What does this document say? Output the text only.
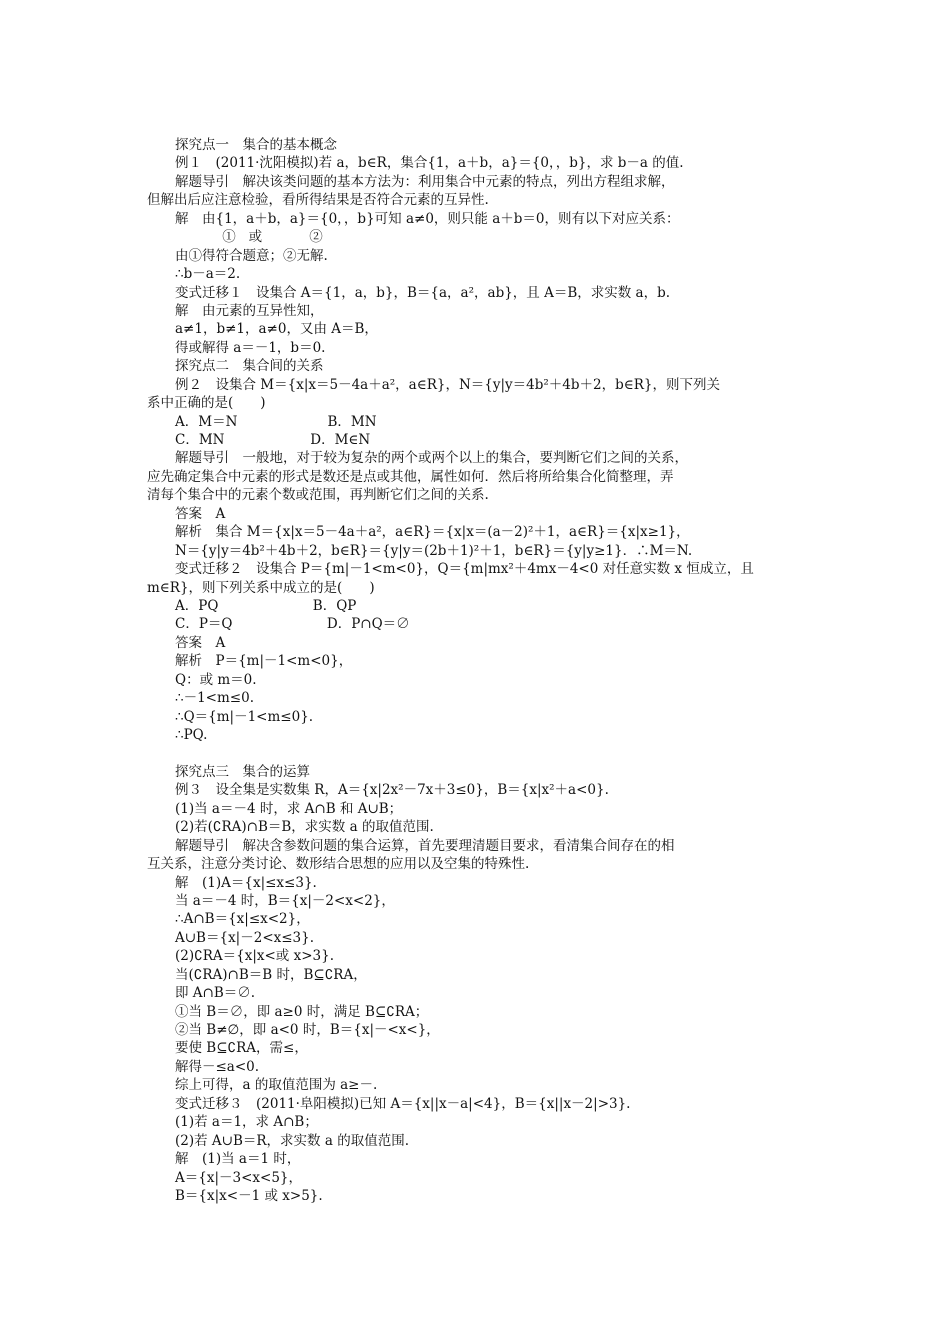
探究点一　集合的基本概念
例１　(2011·沈阳模拟)若 a，b∈R，集合{1，a＋b，a}＝{0，，b}，求 b－a 的值.
解题导引　解决该类问题的基本方法为：利用集合中元素的特点，列出方程组求解，
但解出后应注意检验，看所得结果是否符合元素的互异性.
解　由{1，a＋b，a}＝{0，，b}可知 a≠0，则只能 a＋b＝0，则有以下对应关系：
①   或           ②
由①得符合题意；②无解.
∴b－a＝2.
变式迁移１　设集合 A＝{1，a，b}，B＝{a，a²，ab}，且 A＝B，求实数 a，b.
解　由元素的互异性知，
a≠1，b≠1，a≠0，又由 A＝B，
得或解得 a＝－1，b＝0.
探究点二　集合间的关系
例２　设集合 M＝{x|x＝5－4a＋a²，a∈R}，N＝{y|y＝4b²＋4b＋2，b∈R}，则下列关
系中正确的是(　　)
A．M＝N                     B．MN
C．MN                    D．M∈N
解题导引　一般地，对于较为复杂的两个或两个以上的集合，要判断它们之间的关系，
应先确定集合中元素的形式是数还是点或其他，属性如何．然后将所给集合化简整理，弄
清每个集合中的元素个数或范围，再判断它们之间的关系.
答案　A
解析　集合 M＝{x|x＝5－4a＋a²，a∈R}＝{x|x＝(a－2)²＋1，a∈R}＝{x|x≥1}，
N＝{y|y＝4b²＋4b＋2，b∈R}＝{y|y＝(2b＋1)²＋1，b∈R}＝{y|y≥1}．∴M＝N.
变式迁移２　设集合 P＝{m|－1<m<0}，Q＝{m|mx²＋4mx－4<0 对任意实数 x 恒成立，且
m∈R}，则下列关系中成立的是(　　)
A．PQ                      B．QP
C．P＝Q                      D．P∩Q＝∅
答案　A
解析　P＝{m|－1<m<0}，
Q：或 m＝0.
∴－1<m≤0.
∴Q＝{m|－1<m≤0}.
∴PQ.
探究点三　集合的运算
例３　设全集是实数集 R，A＝{x|2x²－7x＋3≤0}，B＝{x|x²＋a<0}.
(1)当 a＝－4 时，求 A∩B 和 A∪B；
(2)若(∁RA)∩B＝B，求实数 a 的取值范围.
解题导引　解决含参数问题的集合运算，首先要理清题目要求，看清集合间存在的相
互关系，注意分类讨论、数形结合思想的应用以及空集的特殊性.
解　(1)A＝{x|≤x≤3}.
当 a＝－4 时，B＝{x|－2<x<2}，
∴A∩B＝{x|≤x<2}，
A∪B＝{x|－2<x≤3}.
(2)∁RA＝{x|x<或 x>3}.
当(∁RA)∩B＝B 时，B⊆∁RA，
即 A∩B＝∅.
①当 B＝∅，即 a≥0 时，满足 B⊆∁RA；
②当 B≠∅，即 a<0 时，B＝{x|－<x<}，
要使 B⊆∁RA，需≤，
解得－≤a<0.
综上可得，a 的取值范围为 a≥－.
变式迁移３　(2011·阜阳模拟)已知 A＝{x||x－a|<4}，B＝{x||x－2|>3}.
(1)若 a＝1，求 A∩B；
(2)若 A∪B＝R，求实数 a 的取值范围.
解　(1)当 a＝1 时，
A＝{x|－3<x<5}，
B＝{x|x<－1 或 x>5}.
